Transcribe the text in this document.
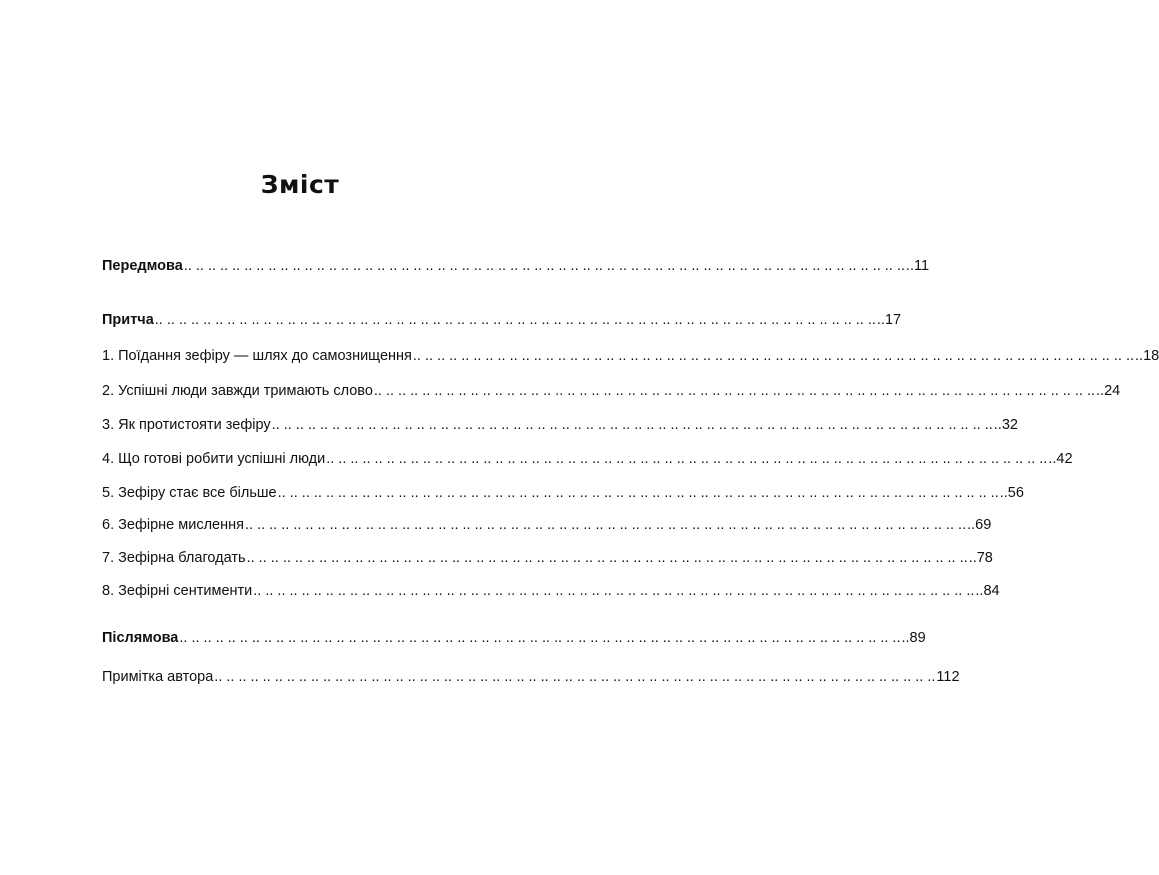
Зміст
Передмова .. .. .. .. .. .. .. .. .. .. .. .. .. .. .. .. .. .. .. .. .. .. .. .. .. .. .. .. .. .. .. .. .. .. .. .. .. .. .. .. .. .. .. .. .. .. .. .. .. .. .. .. .. .. .. .. .. .. .. .. ..11
Притча .. .. .. .. .. .. .. .. .. .. .. .. .. .. .. .. .. .. .. .. .. .. .. .. .. .. .. .. .. .. .. .. .. .. .. .. .. .. .. .. .. .. .. .. .. .. .. .. .. .. .. .. .. .. .. .. .. .. .. .. ..17
1. Поїдання зефіру — шлях до самознищення .. .. .. .. .. .. .. .. .. .. .. .. .. .. .. .. .. .. .. .. .. .. .. .. .. .. .. .. .. .. .. .. .. .. .. .. .. .. .. .. .. .. .. .. .. .. .. .. .. .. .. .. .. .. .. .. .. .. .. .. ..18
2. Успішні люди завжди тримають слово .. .. .. .. .. .. .. .. .. .. .. .. .. .. .. .. .. .. .. .. .. .. .. .. .. .. .. .. .. .. .. .. .. .. .. .. .. .. .. .. .. .. .. .. .. .. .. .. .. .. .. .. .. .. .. .. .. .. .. .. ..24
3. Як протистояти зефіру .. .. .. .. .. .. .. .. .. .. .. .. .. .. .. .. .. .. .. .. .. .. .. .. .. .. .. .. .. .. .. .. .. .. .. .. .. .. .. .. .. .. .. .. .. .. .. .. .. .. .. .. .. .. .. .. .. .. .. .. ..32
4. Що готові робити успішні люди .. .. .. .. .. .. .. .. .. .. .. .. .. .. .. .. .. .. .. .. .. .. .. .. .. .. .. .. .. .. .. .. .. .. .. .. .. .. .. .. .. .. .. .. .. .. .. .. .. .. .. .. .. .. .. .. .. .. .. .. ..42
5. Зефіру стає все більше .. .. .. .. .. .. .. .. .. .. .. .. .. .. .. .. .. .. .. .. .. .. .. .. .. .. .. .. .. .. .. .. .. .. .. .. .. .. .. .. .. .. .. .. .. .. .. .. .. .. .. .. .. .. .. .. .. .. .. .. ..56
6. Зефірне мислення .. .. .. .. .. .. .. .. .. .. .. .. .. .. .. .. .. .. .. .. .. .. .. .. .. .. .. .. .. .. .. .. .. .. .. .. .. .. .. .. .. .. .. .. .. .. .. .. .. .. .. .. .. .. .. .. .. .. .. .. ..69
7. Зефірна благодать .. .. .. .. .. .. .. .. .. .. .. .. .. .. .. .. .. .. .. .. .. .. .. .. .. .. .. .. .. .. .. .. .. .. .. .. .. .. .. .. .. .. .. .. .. .. .. .. .. .. .. .. .. .. .. .. .. .. .. .. ..78
8. Зефірні сентименти .. .. .. .. .. .. .. .. .. .. .. .. .. .. .. .. .. .. .. .. .. .. .. .. .. .. .. .. .. .. .. .. .. .. .. .. .. .. .. .. .. .. .. .. .. .. .. .. .. .. .. .. .. .. .. .. .. .. .. .. ..84
Післямова .. .. .. .. .. .. .. .. .. .. .. .. .. .. .. .. .. .. .. .. .. .. .. .. .. .. .. .. .. .. .. .. .. .. .. .. .. .. .. .. .. .. .. .. .. .. .. .. .. .. .. .. .. .. .. .. .. .. .. .. ..89
Примітка автора .. .. .. .. .. .. .. .. .. .. .. .. .. .. .. .. .. .. .. .. .. .. .. .. .. .. .. .. .. .. .. .. .. .. .. .. .. .. .. .. .. .. .. .. .. .. .. .. .. .. .. .. .. .. .. .. .. .. .. .. 112
